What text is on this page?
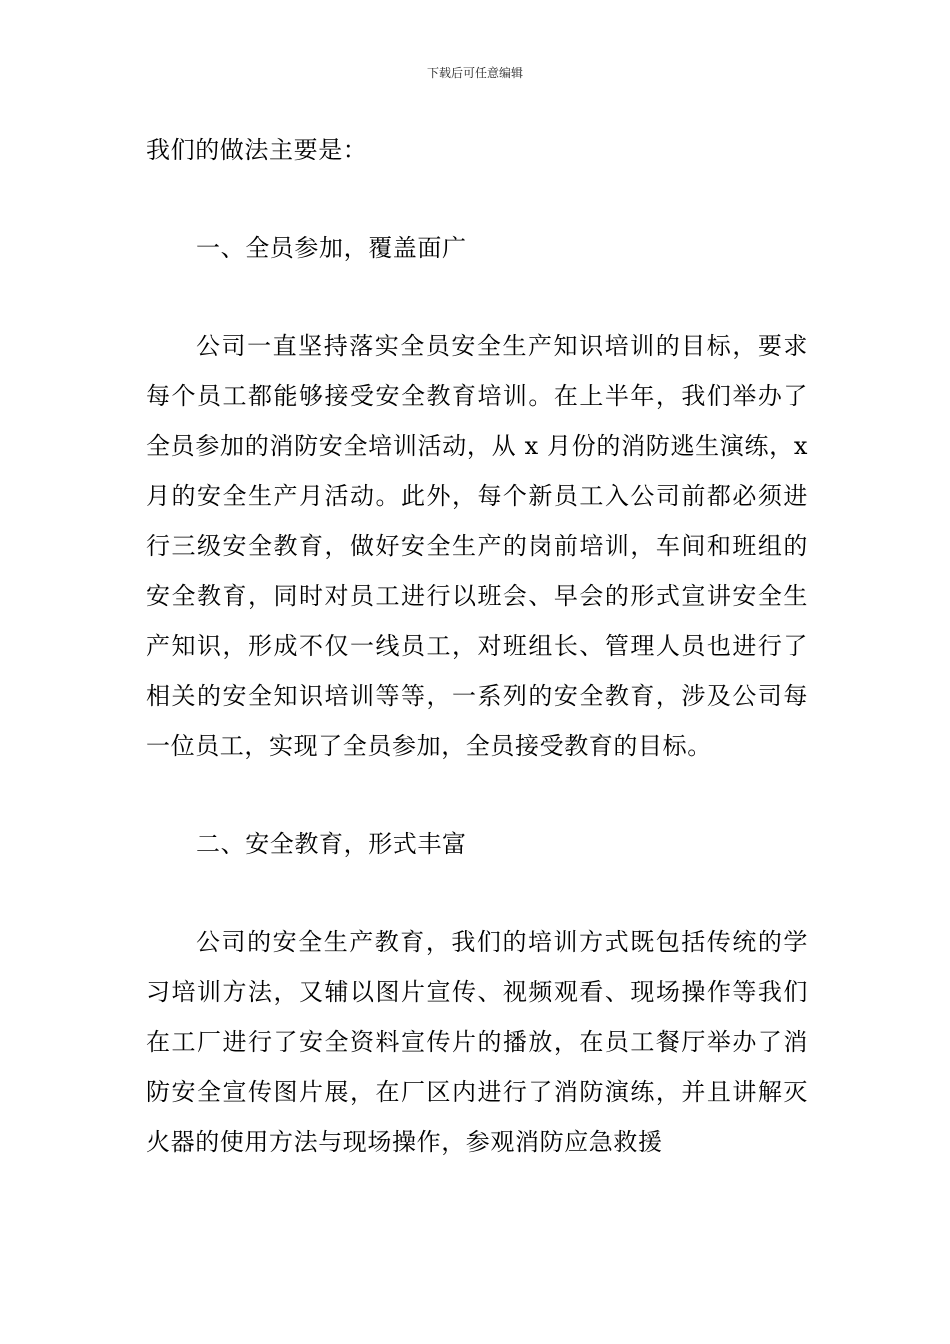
下载后可任意编辑

我们的做法主要是：

一、全员参加，覆盖面广

公司一直坚持落实全员安全生产知识培训的目标，要求每个员工都能够接受安全教育培训。在上半年，我们举办了全员参加的消防安全培训活动，从 x 月份的消防逃生演练，x 月的安全生产月活动。此外，每个新员工入公司前都必须进行三级安全教育，做好安全生产的岗前培训，车间和班组的安全教育，同时对员工进行以班会、早会的形式宣讲安全生产知识，形成不仅一线员工，对班组长、管理人员也进行了相关的安全知识培训等等，一系列的安全教育，涉及公司每一位员工，实现了全员参加，全员接受教育的目标。

二、安全教育，形式丰富

公司的安全生产教育，我们的培训方式既包括传统的学习培训方法，又辅以图片宣传、视频观看、现场操作等我们在工厂进行了安全资料宣传片的播放，在员工餐厅举办了消防安全宣传图片展，在厂区内进行了消防演练，并且讲解灭火器的使用方法与现场操作，参观消防应急救援
